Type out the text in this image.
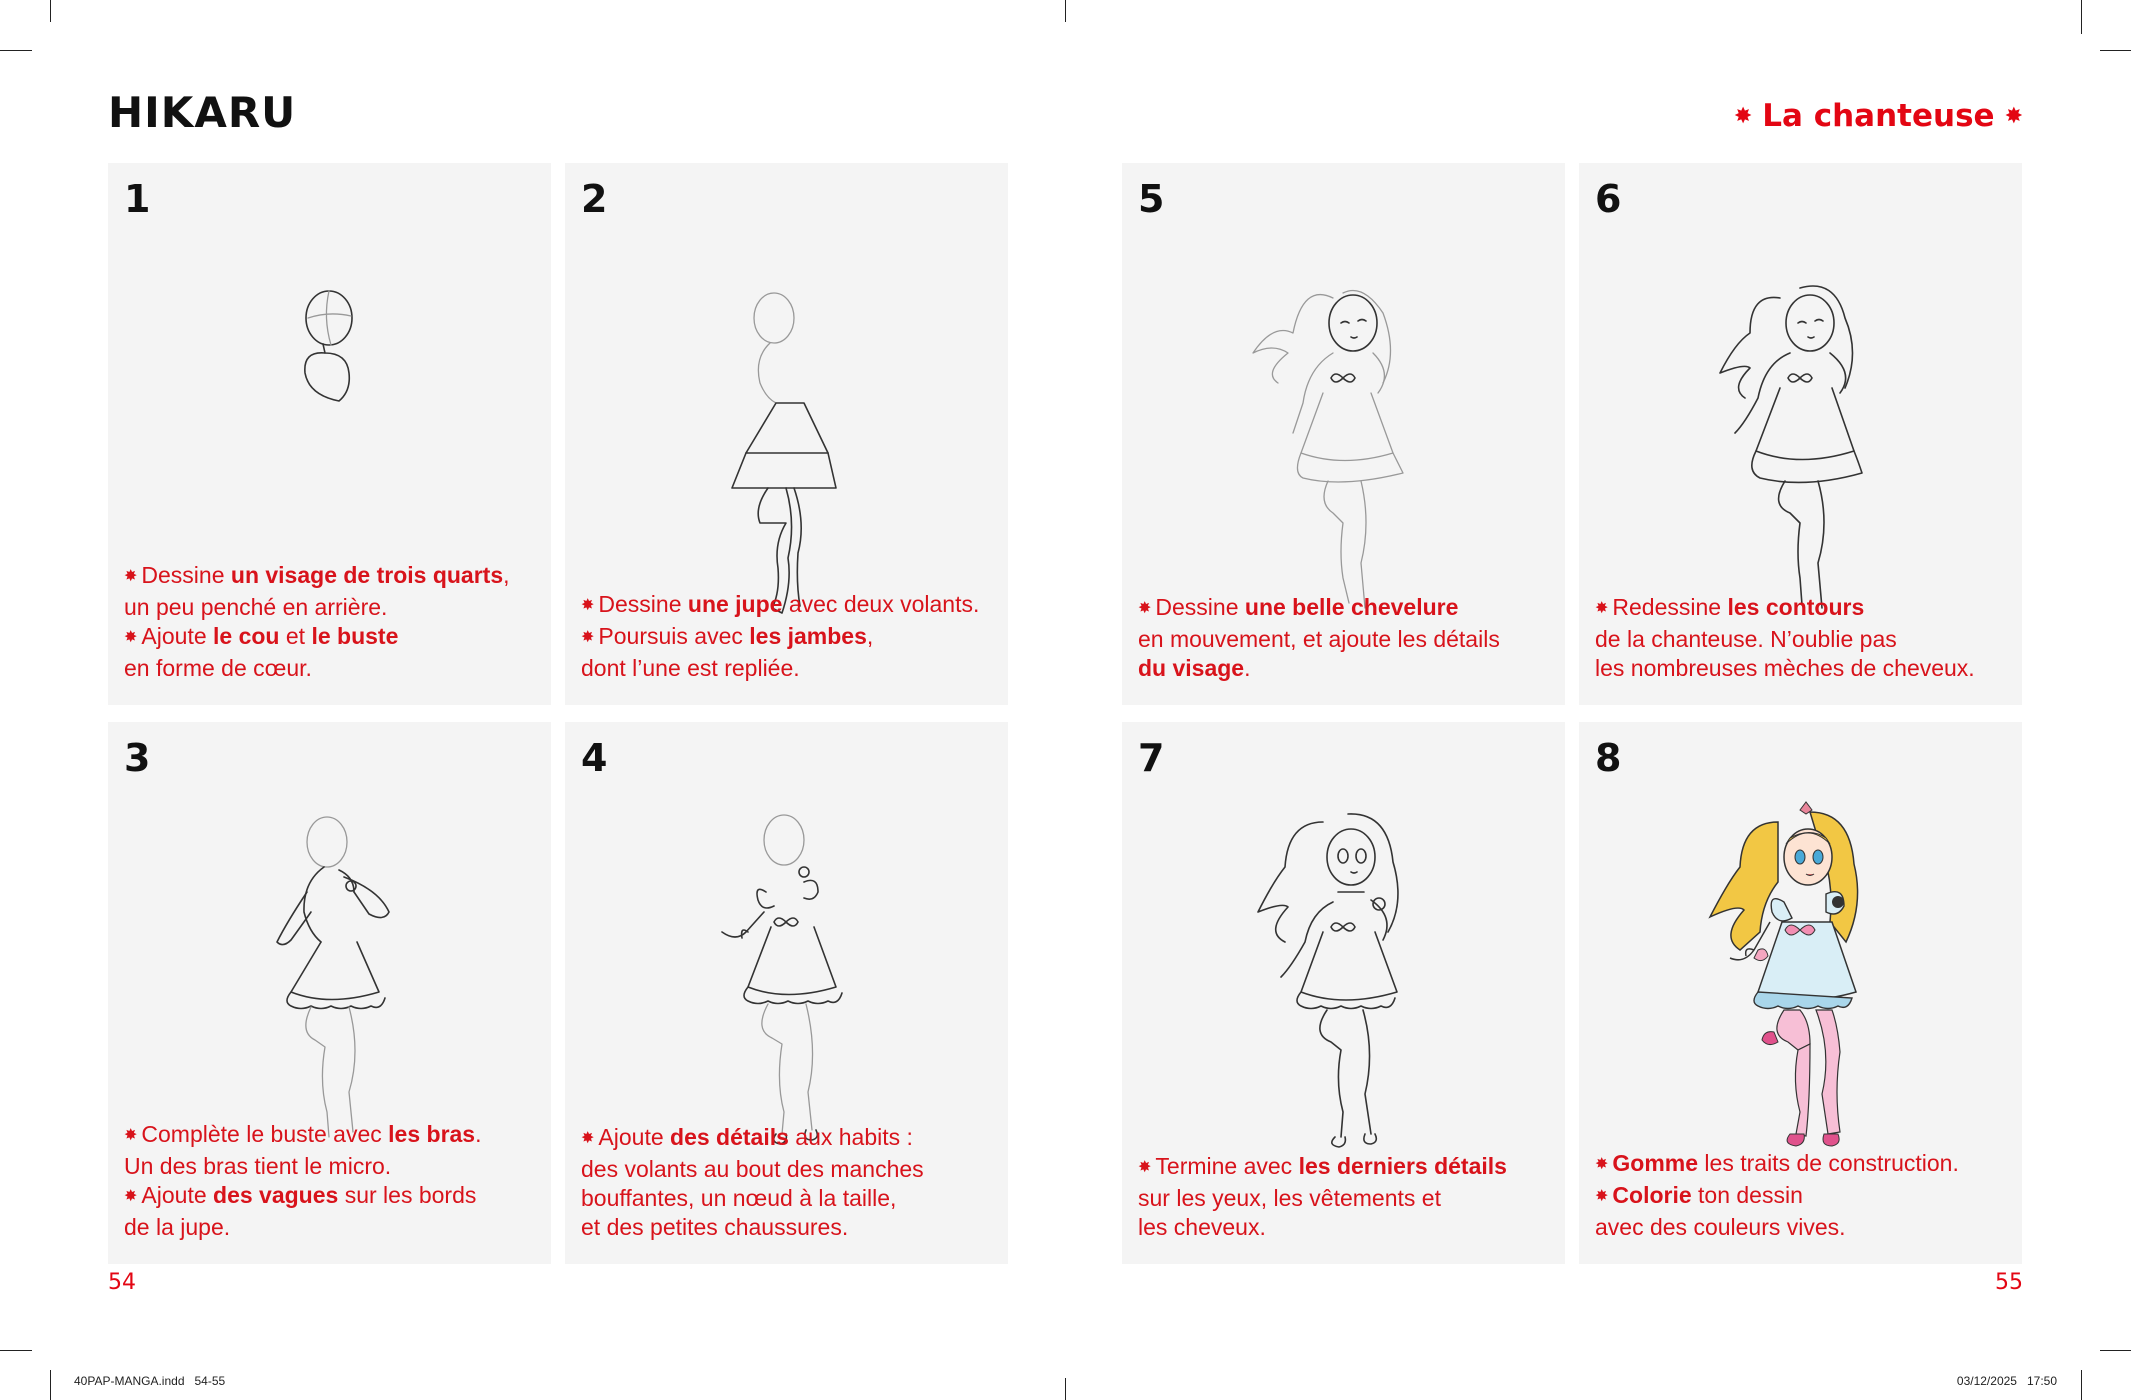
HIKARU	✸ La chanteuse ✸
1

✸ Dessine un visage de trois quarts,

un peu penché en arrière.

✸ Ajoute le cou et le buste

en forme de cœur.

2

✸ Dessine une jupe avec deux volants.

✸ Poursuis avec les jambes,

dont l’une est repliée.

5

✸ Dessine une belle chevelure

en mouvement, et ajoute les détails

du visage.

6

✸ Redessine les contours

de la chanteuse. N’oublie pas

les nombreuses mèches de cheveux.

3

✸ Complète le buste avec les bras.

Un des bras tient le micro.

✸ Ajoute des vagues sur les bords

de la jupe.

4

✸ Ajoute des détails aux habits :

des volants au bout des manches

bouffantes, un nœud à la taille,

et des petites chaussures.

7

✸ Termine avec les derniers détails

sur les yeux, les vêtements et

les cheveux.

8

✸ Gomme les traits de construction.

✸ Colorie ton dessin

avec des couleurs vives.

54	55
40PAP-MANGA.indd   54-55	03/12/2025   17:50
